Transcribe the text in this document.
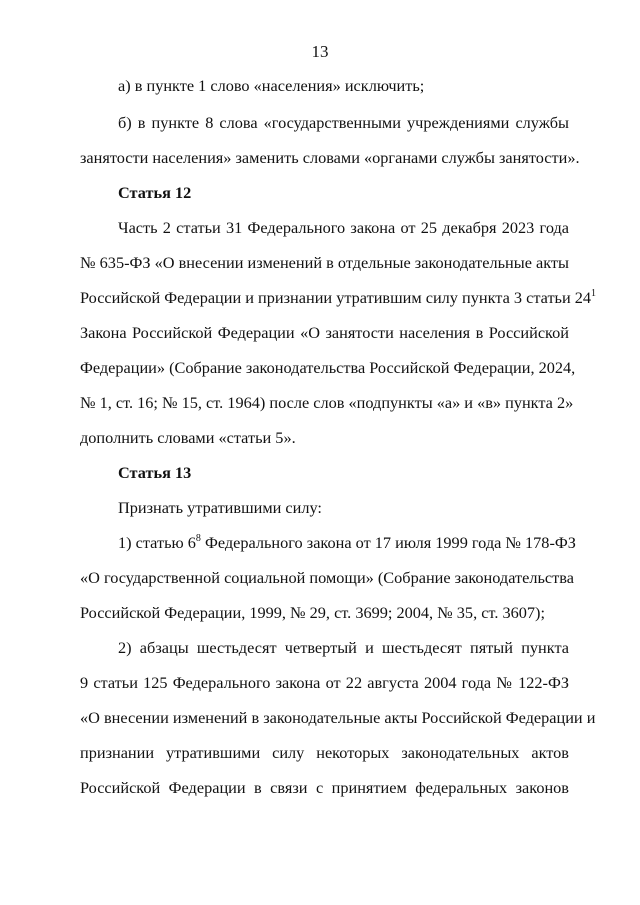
13
а) в пункте 1 слово «населения» исключить;
б) в пункте 8 слова «государственными учреждениями службы
занятости населения» заменить словами «органами службы занятости».
Статья 12
Часть 2 статьи 31 Федерального закона от 25 декабря 2023 года
№ 635-ФЗ «О внесении изменений в отдельные законодательные акты
Российской Федерации и признании утратившим силу пункта 3 статьи $24^1$
Закона Российской Федерации «О занятости населения в Российской
Федерации» (Собрание законодательства Российской Федерации, 2024,
№ 1, ст. 16; № 15, ст. 1964) после слов «подпункты «а» и «в» пункта 2»
дополнить словами «статьи 5».
Статья 13
Признать утратившими силу:
1) статью $6^8$ Федерального закона от 17 июля 1999 года № 178-ФЗ
«О государственной социальной помощи» (Собрание законодательства
Российской Федерации, 1999, № 29, ст. 3699; 2004, № 35, ст. 3607);
2) абзацы шестьдесят четвертый и шестьдесят пятый пункта
9 статьи 125 Федерального закона от 22 августа 2004 года № 122-ФЗ
«О внесении изменений в законодательные акты Российской Федерации и
признании утратившими силу некоторых законодательных актов
Российской Федерации в связи с принятием федеральных законов
